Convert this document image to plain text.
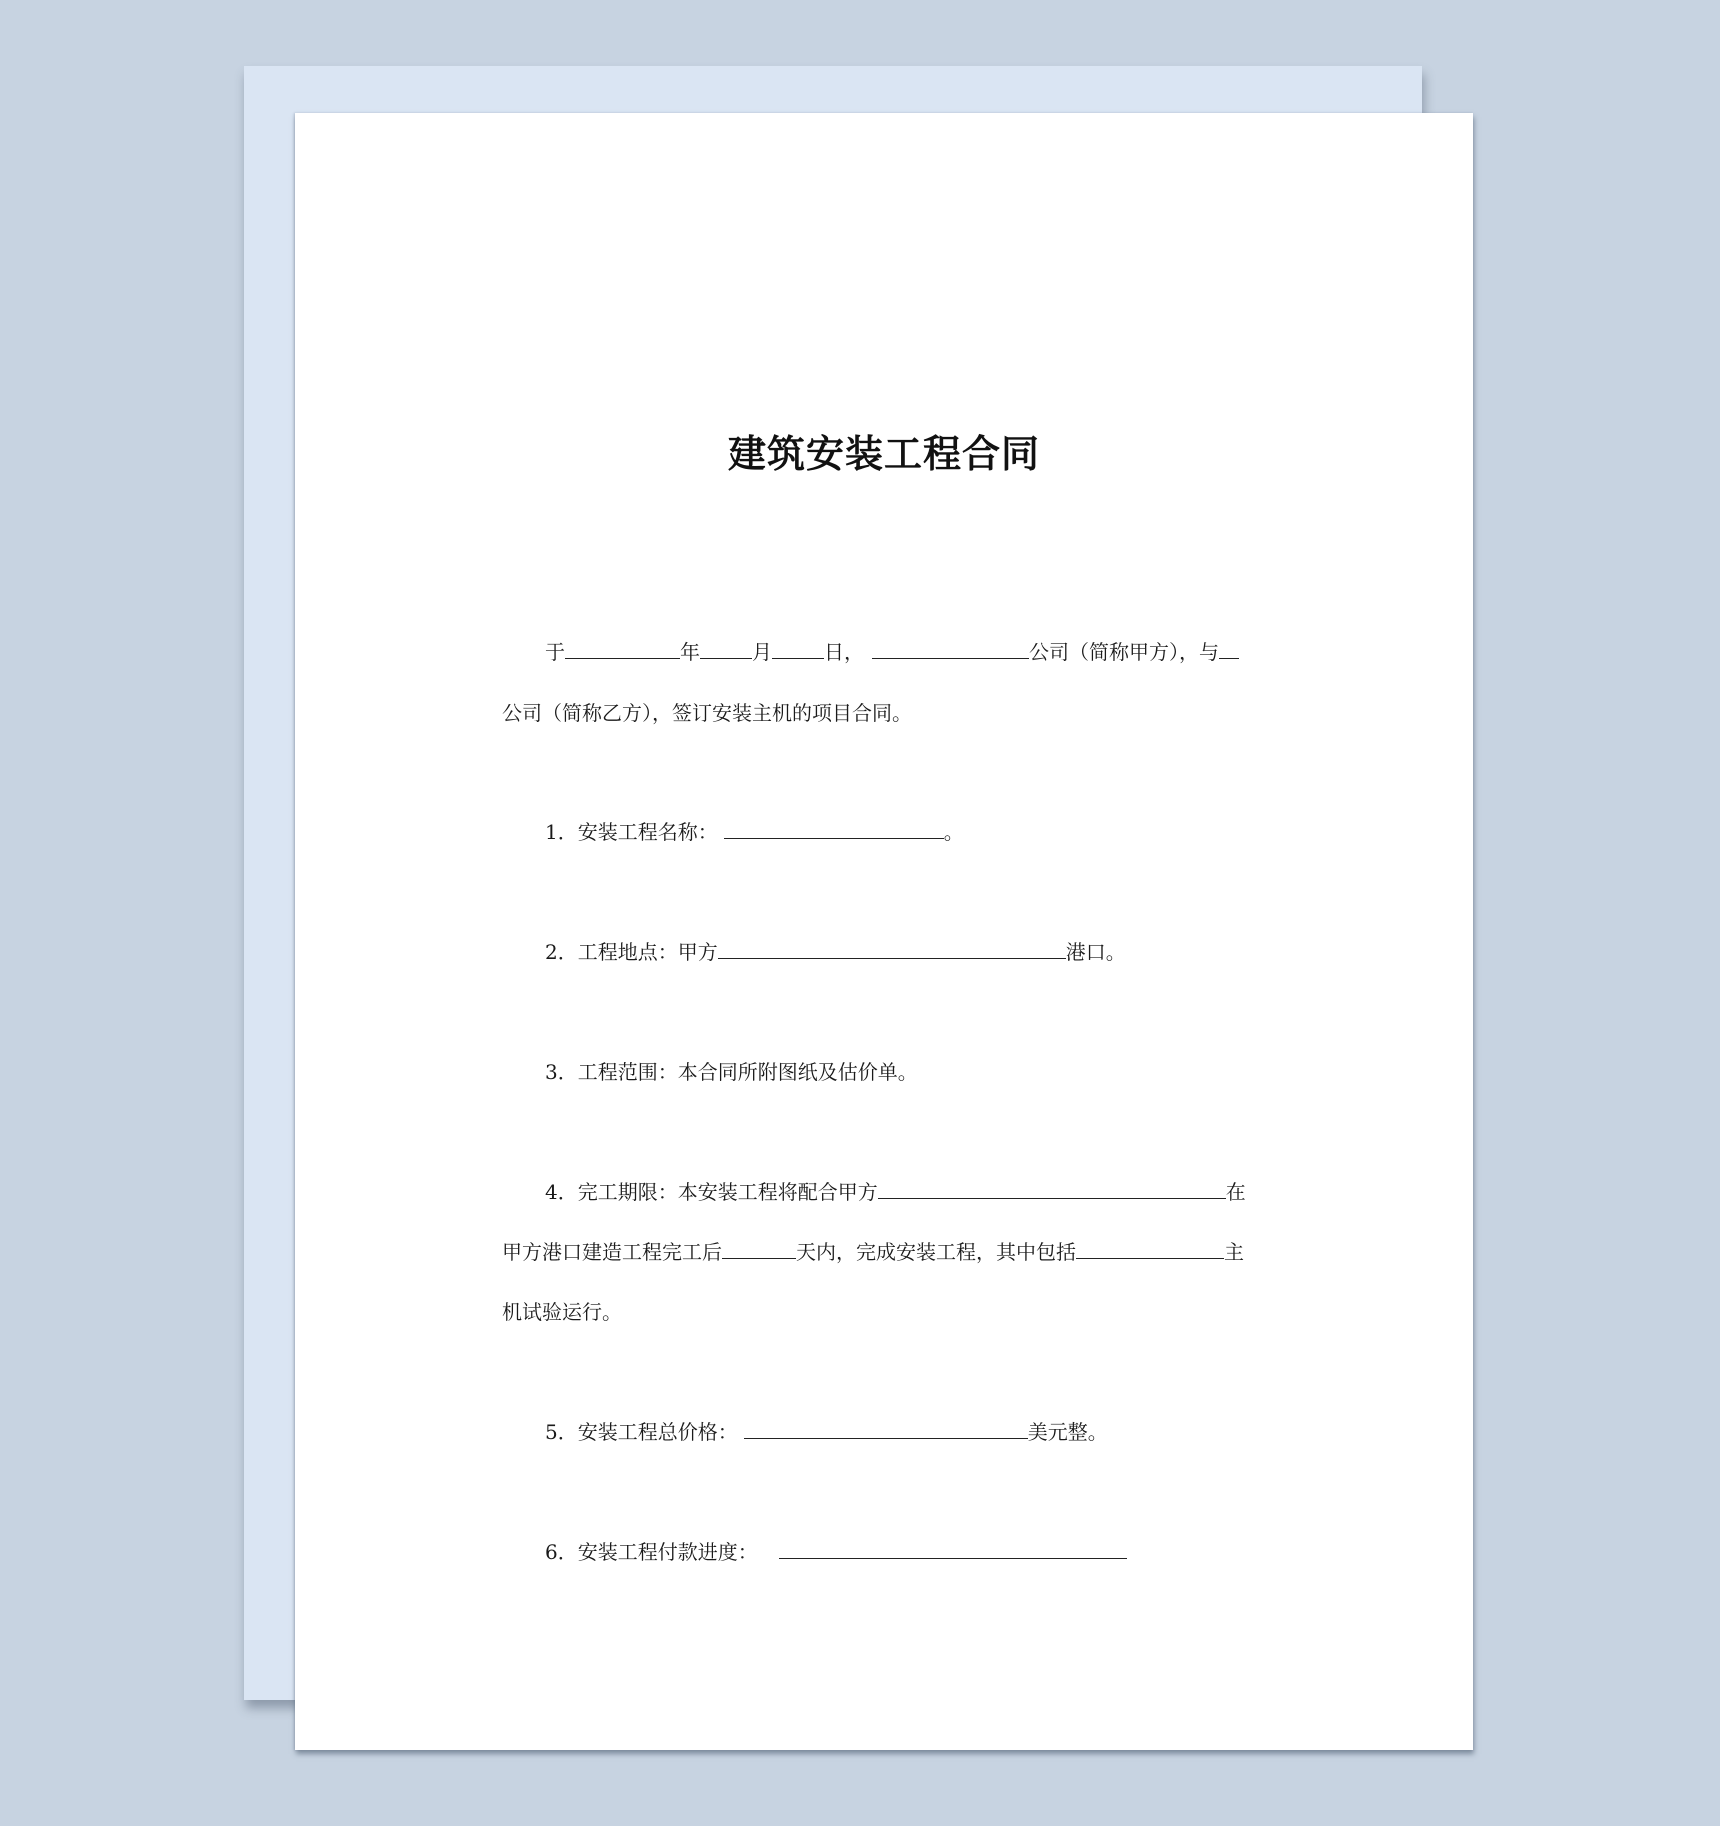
建筑安装工程合同
于	年	月	日，	公司（简称甲方），与
公司（简称乙方），签订安装主机的项目合同。
1．安装工程名称：	。
2．工程地点：甲方	港口。
3．工程范围：本合同所附图纸及估价单。
4．完工期限：本安装工程将配合甲方	在
甲方港口建造工程完工后	天内，完成安装工程，其中包括	主
机试验运行。
5．安装工程总价格：	美元整。
6．安装工程付款进度：
